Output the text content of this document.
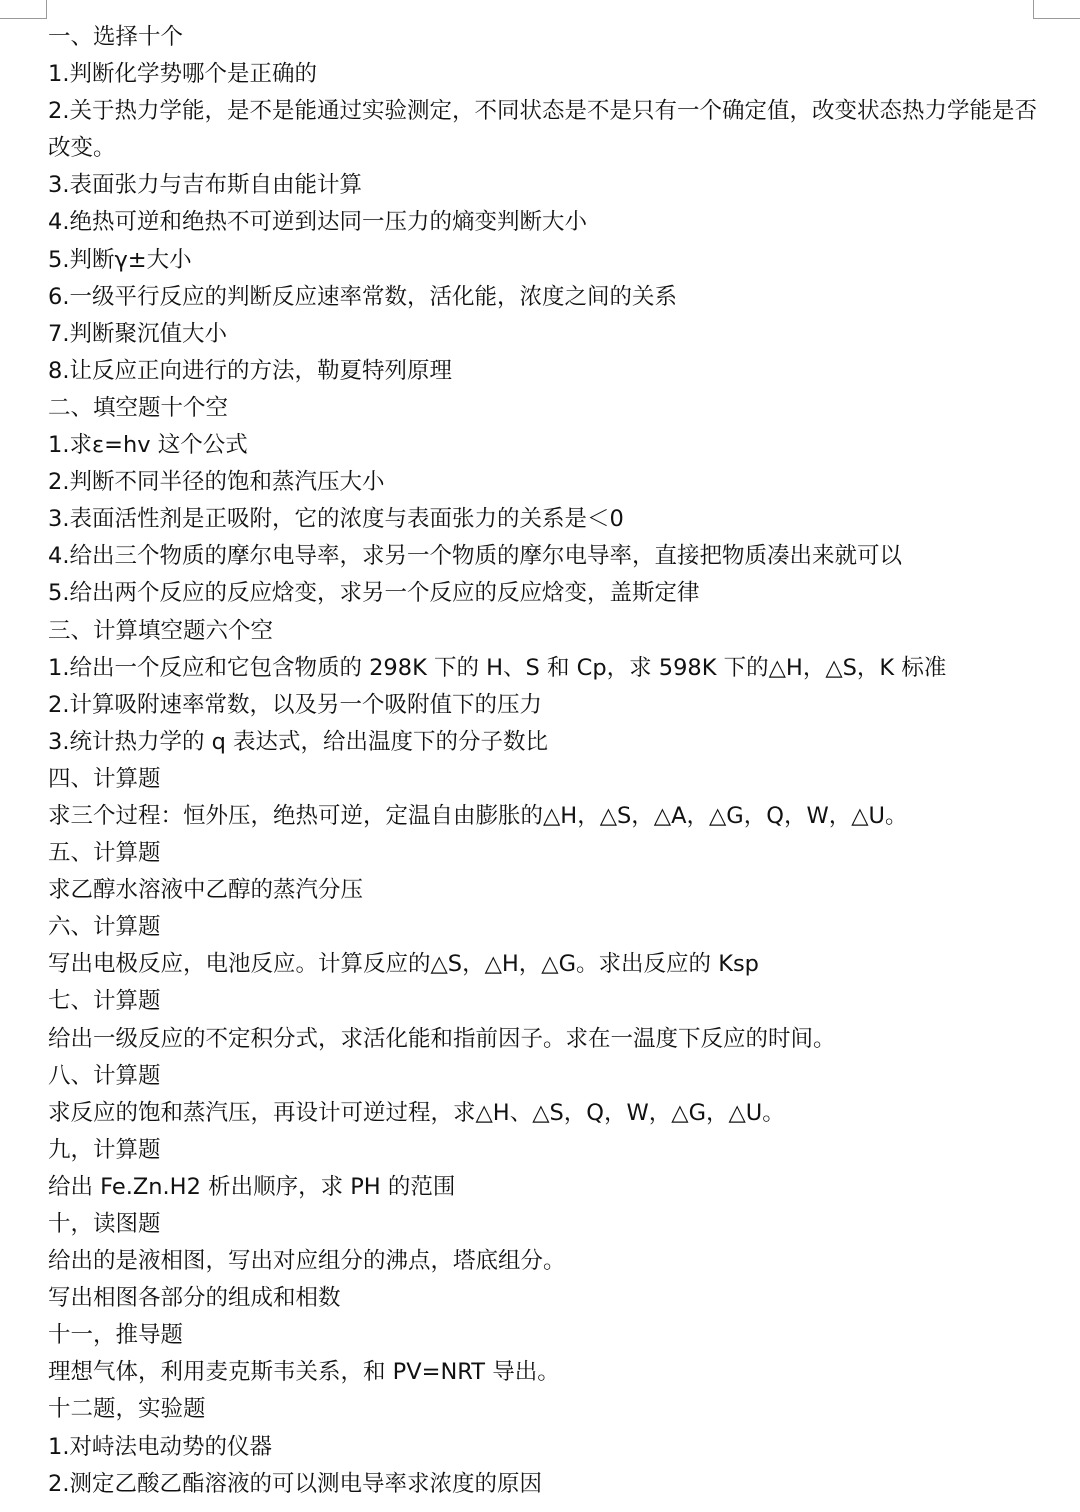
一、选择十个

1.判断化学势哪个是正确的

2.关于热力学能，是不是能通过实验测定，不同状态是不是只有一个确定值，改变状态热力学能是否改变。

3.表面张力与吉布斯自由能计算

4.绝热可逆和绝热不可逆到达同一压力的熵变判断大小

5.判断γ±大小

6.一级平行反应的判断反应速率常数，活化能，浓度之间的关系

7.判断聚沉值大小

8.让反应正向进行的方法，勒夏特列原理

二、填空题十个空

1.求ε=hv 这个公式

2.判断不同半径的饱和蒸汽压大小

3.表面活性剂是正吸附，它的浓度与表面张力的关系是＜0

4.给出三个物质的摩尔电导率，求另一个物质的摩尔电导率，直接把物质凑出来就可以

5.给出两个反应的反应焓变，求另一个反应的反应焓变，盖斯定律

三、计算填空题六个空

1.给出一个反应和它包含物质的 298K 下的 H、S 和 Cp，求 598K 下的△H，△S，K 标准

2.计算吸附速率常数，以及另一个吸附值下的压力

3.统计热力学的 q 表达式，给出温度下的分子数比

四、计算题

求三个过程：恒外压，绝热可逆，定温自由膨胀的△H，△S，△A，△G，Q，W，△U。

五、计算题

求乙醇水溶液中乙醇的蒸汽分压

六、计算题

写出电极反应，电池反应。计算反应的△S，△H，△G。求出反应的 Ksp

七、计算题

给出一级反应的不定积分式，求活化能和指前因子。求在一温度下反应的时间。

八、计算题

求反应的饱和蒸汽压，再设计可逆过程，求△H、△S，Q，W，△G，△U。

九，计算题

给出 Fe.Zn.H2 析出顺序，求 PH 的范围

十，读图题

给出的是液相图，写出对应组分的沸点，塔底组分。

写出相图各部分的组成和相数

十一，推导题

理想气体，利用麦克斯韦关系，和 PV=NRT 导出。

十二题，实验题

1.对峙法电动势的仪器

2.测定乙酸乙酯溶液的可以测电导率求浓度的原因
